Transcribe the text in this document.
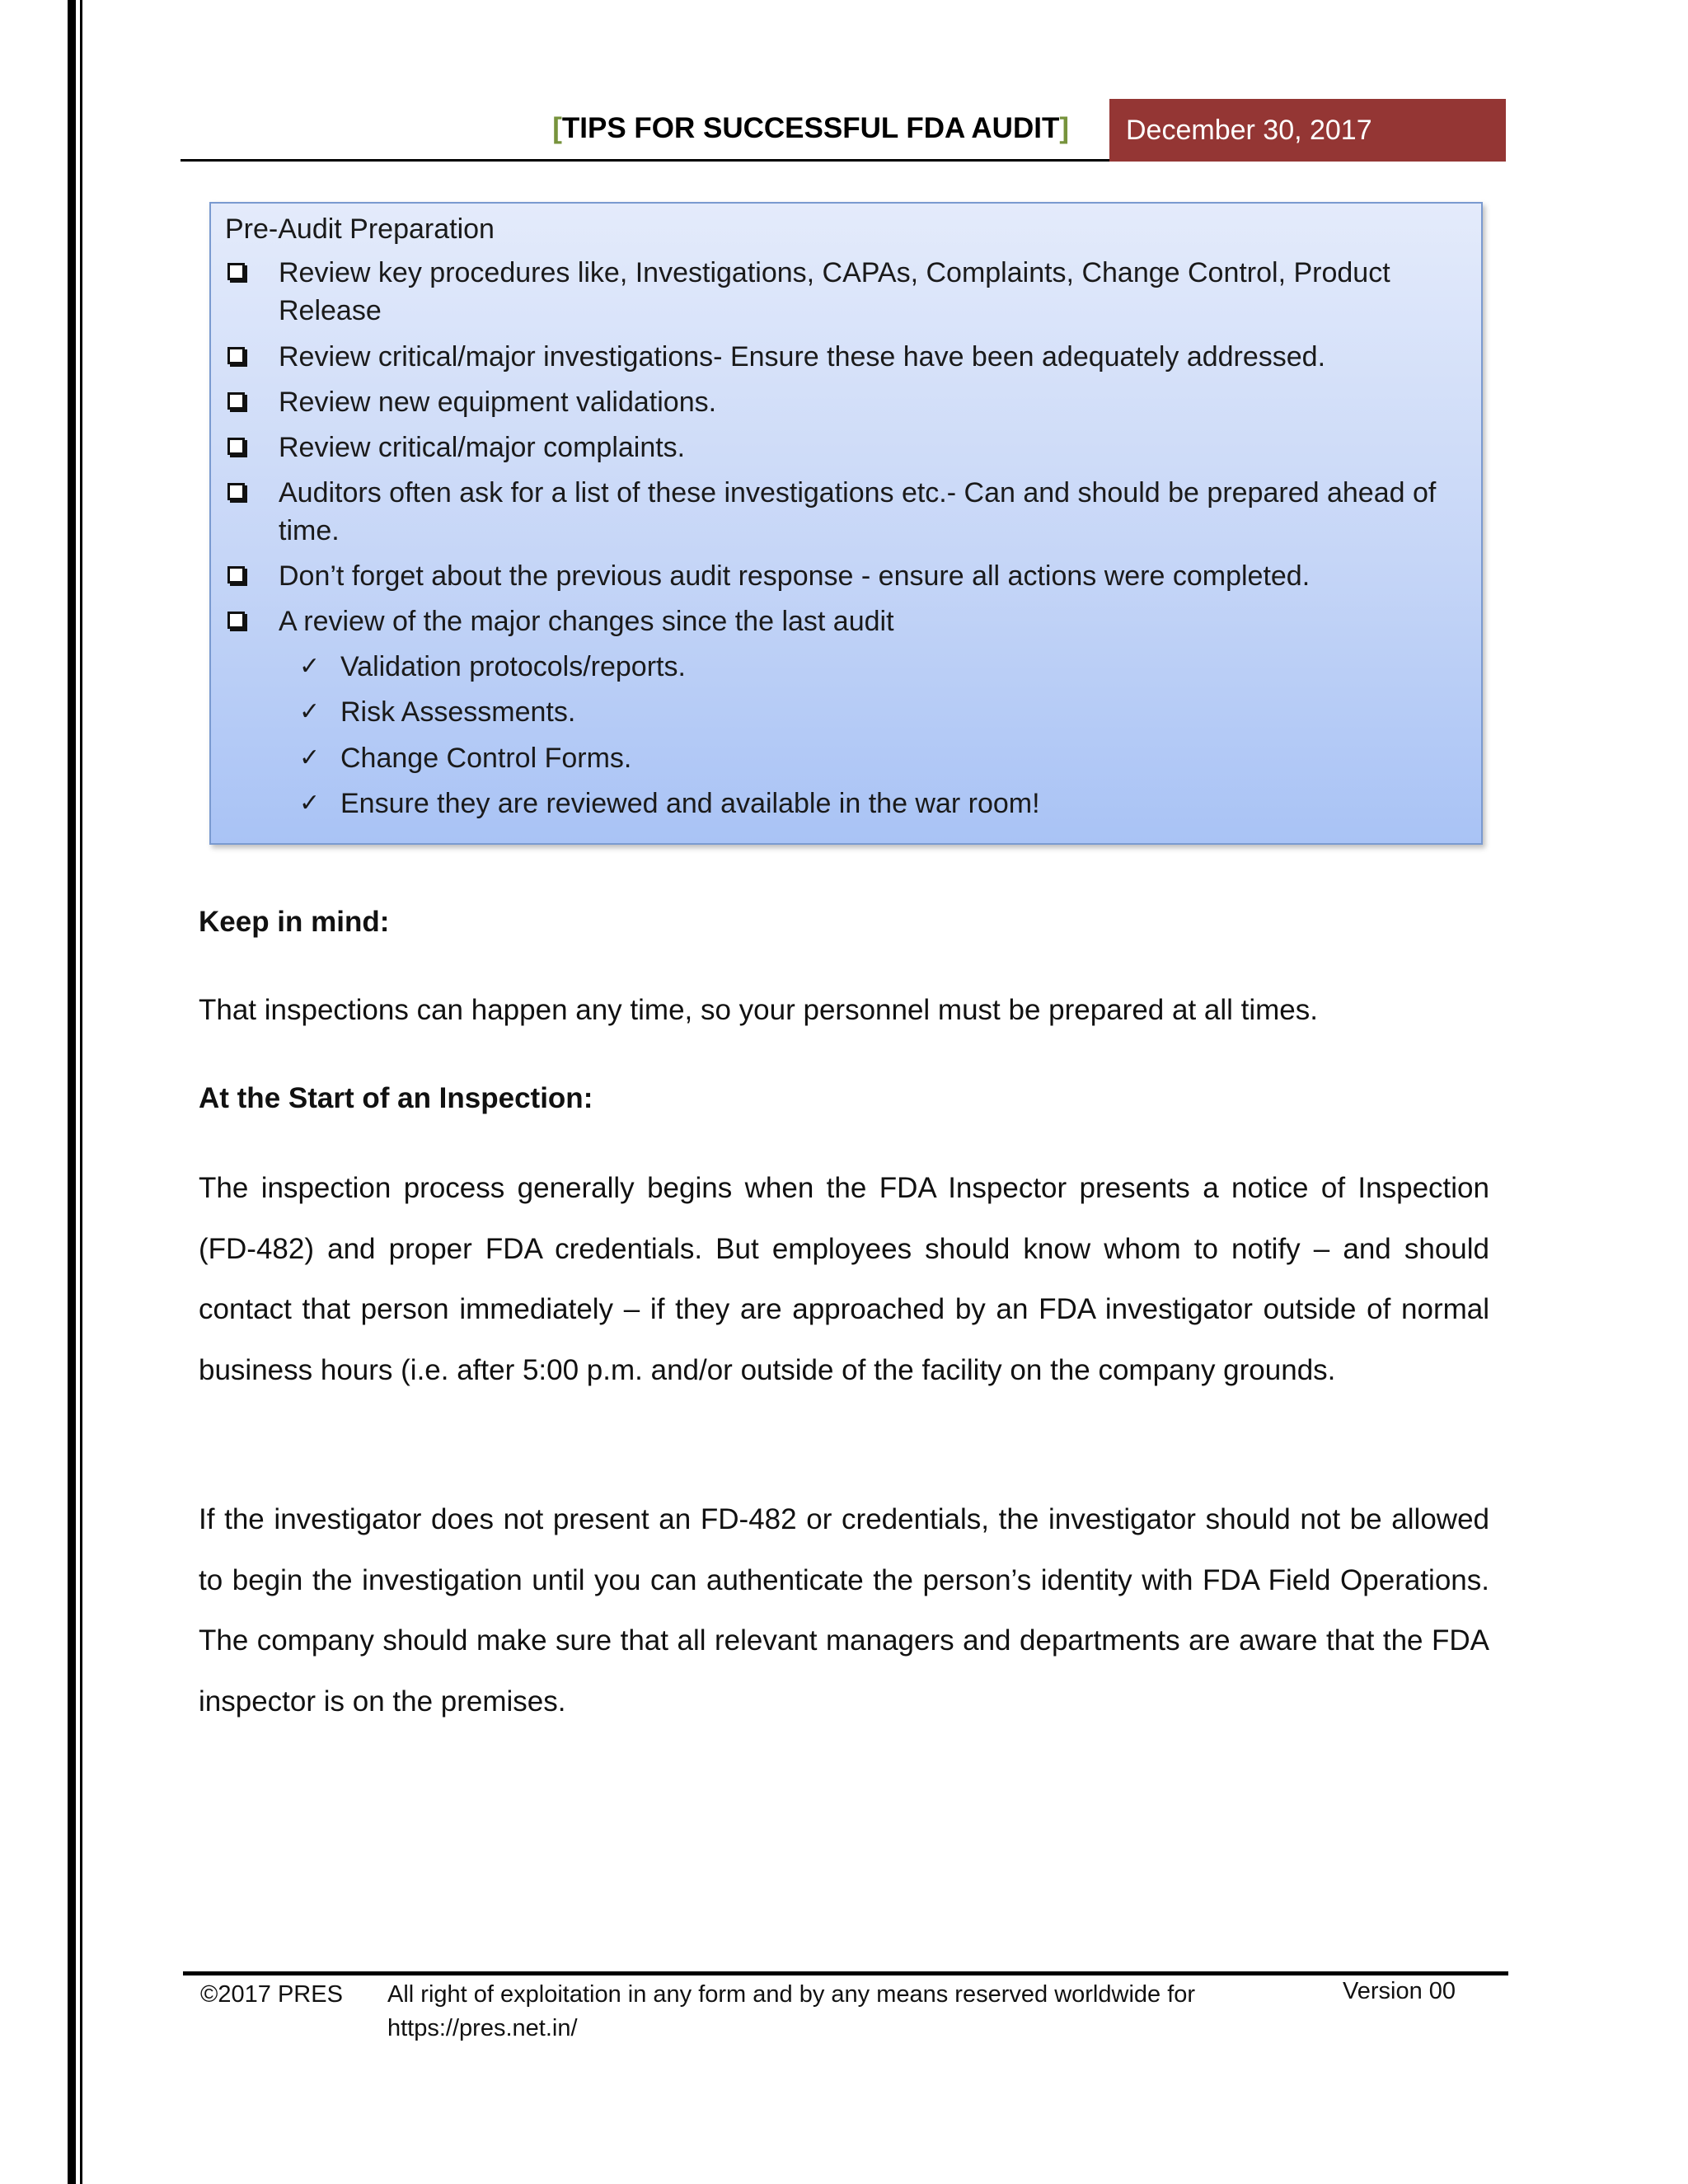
[TIPS FOR SUCCESSFUL FDA AUDIT]	December 30, 2017
Pre-Audit Preparation
Review key procedures like, Investigations, CAPAs, Complaints, Change Control, Product Release
Review critical/major investigations- Ensure these have been adequately addressed.
Review new equipment validations.
Review critical/major complaints.
Auditors often ask for a list of these investigations etc.- Can and should be prepared ahead of time.
Don’t forget about the previous audit response - ensure all actions were completed.
A review of the major changes since the last audit
✓ Validation protocols/reports.
✓ Risk Assessments.
✓ Change Control Forms.
✓ Ensure they are reviewed and available in the war room!
Keep in mind:
That inspections can happen any time, so your personnel must be prepared at all times.
At the Start of an Inspection:
The inspection process generally begins when the FDA Inspector presents a notice of Inspection (FD-482) and proper FDA credentials. But employees should know whom to notify – and should contact that person immediately – if they are approached by an FDA investigator outside of normal business hours (i.e. after 5:00 p.m. and/or outside of the facility on the company grounds.
If the investigator does not present an FD-482 or credentials, the investigator should not be allowed to begin the investigation until you can authenticate the person’s identity with FDA Field Operations. The company should make sure that all relevant managers and departments are aware that the FDA inspector is on the premises.
©2017 PRES All right of exploitation in any form and by any means reserved worldwide for https://pres.net.in/
Version 00
